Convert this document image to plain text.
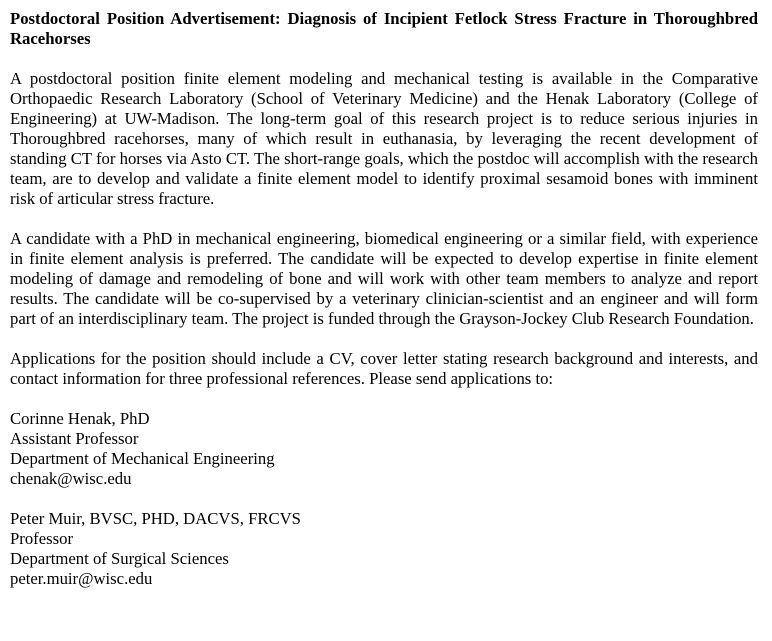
Postdoctoral Position Advertisement: Diagnosis of Incipient Fetlock Stress Fracture in Thoroughbred Racehorses
A postdoctoral position finite element modeling and mechanical testing is available in the Comparative Orthopaedic Research Laboratory (School of Veterinary Medicine) and the Henak Laboratory (College of Engineering) at UW-Madison. The long-term goal of this research project is to reduce serious injuries in Thoroughbred racehorses, many of which result in euthanasia, by leveraging the recent development of standing CT for horses via Asto CT. The short-range goals, which the postdoc will accomplish with the research team, are to develop and validate a finite element model to identify proximal sesamoid bones with imminent risk of articular stress fracture.
A candidate with a PhD in mechanical engineering, biomedical engineering or a similar field, with experience in finite element analysis is preferred. The candidate will be expected to develop expertise in finite element modeling of damage and remodeling of bone and will work with other team members to analyze and report results. The candidate will be co-supervised by a veterinary clinician-scientist and an engineer and will form part of an interdisciplinary team. The project is funded through the Grayson-Jockey Club Research Foundation.
Applications for the position should include a CV, cover letter stating research background and interests, and contact information for three professional references. Please send applications to:
Corinne Henak, PhD
Assistant Professor
Department of Mechanical Engineering
chenak@wisc.edu
Peter Muir, BVSC, PHD, DACVS, FRCVS
Professor
Department of Surgical Sciences
peter.muir@wisc.edu
